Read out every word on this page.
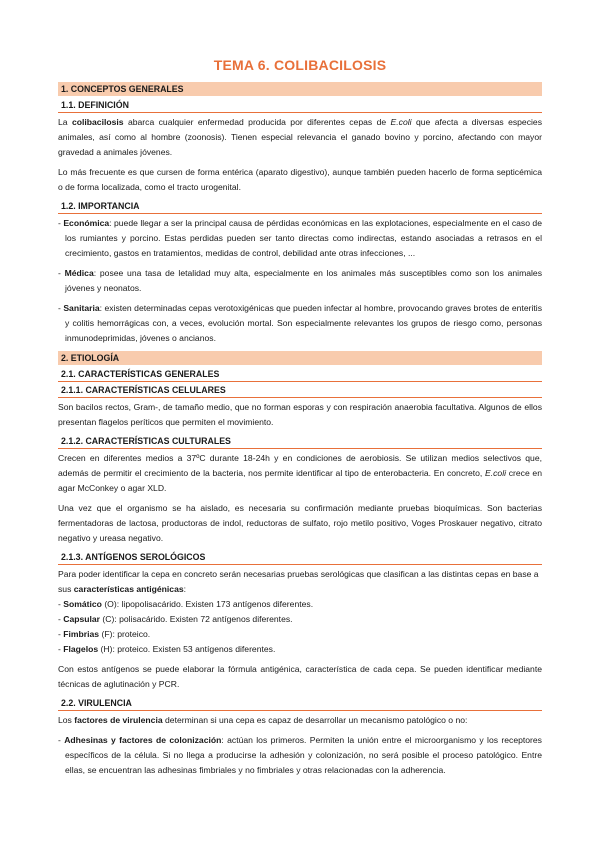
TEMA 6. COLIBACILOSIS
1. CONCEPTOS GENERALES
1.1. DEFINICIÓN

La colibacilosis abarca cualquier enfermedad producida por diferentes cepas de E.coli que afecta a diversas especies animales, así como al hombre (zoonosis). Tienen especial relevancia el ganado bovino y porcino, afectando con mayor gravedad a animales jóvenes.

Lo más frecuente es que cursen de forma entérica (aparato digestivo), aunque también pueden hacerlo de forma septicémica o de forma localizada, como el tracto urogenital.

1.2. IMPORTANCIA

- Económica: puede llegar a ser la principal causa de pérdidas económicas en las explotaciones, especialmente en el caso de los rumiantes y porcino. Estas perdidas pueden ser tanto directas como indirectas, estando asociadas a retrasos en el crecimiento, gastos en tratamientos, medidas de control, debilidad ante otras infecciones, ...

- Médica: posee una tasa de letalidad muy alta, especialmente en los animales más susceptibles como son los animales jóvenes y neonatos.

- Sanitaria: existen determinadas cepas verotoxigénicas que pueden infectar al hombre, provocando graves brotes de enteritis y colitis hemorrágicas con, a veces, evolución mortal. Son especialmente relevantes los grupos de riesgo como, personas inmunodeprimidas, jóvenes o ancianos.

2. ETIOLOGÍA
2.1. CARACTERÍSTICAS GENERALES
2.1.1. CARACTERÍSTICAS CELULARES

Son bacilos rectos, Gram-, de tamaño medio, que no forman esporas y con respiración anaerobia facultativa. Algunos de ellos presentan flagelos períticos que permiten el movimiento.

2.1.2. CARACTERÍSTICAS CULTURALES

Crecen en diferentes medios a 37ºC durante 18-24h y en condiciones de aerobiosis. Se utilizan medios selectivos que, además de permitir el crecimiento de la bacteria, nos permite identificar al tipo de enterobacteria. En concreto, E.coli crece en agar McConkey o agar XLD.

Una vez que el organismo se ha aislado, es necesaria su confirmación mediante pruebas bioquímicas. Son bacterias fermentadoras de lactosa, productoras de indol, reductoras de sulfato, rojo metilo positivo, Voges Proskauer negativo, citrato negativo y ureasa negativo.

2.1.3. ANTÍGENOS SEROLÓGICOS

Para poder identificar la cepa en concreto serán necesarias pruebas serológicas que clasifican a las distintas cepas en base a sus características antigénicas:

- Somático (O): lipopolisacárido. Existen 173 antígenos diferentes.

- Capsular (C): polisacárido. Existen 72 antígenos diferentes.

- Fimbrias (F): proteico.

- Flagelos (H): proteico. Existen 53 antígenos diferentes.

Con estos antígenos se puede elaborar la fórmula antigénica, característica de cada cepa. Se pueden identificar mediante técnicas de aglutinación y PCR.

2.2. VIRULENCIA

Los factores de virulencia determinan si una cepa es capaz de desarrollar un mecanismo patológico o no:

- Adhesinas y factores de colonización: actúan los primeros. Permiten la unión entre el microorganismo y los receptores específicos de la célula. Si no llega a producirse la adhesión y colonización, no será posible el proceso patológico. Entre ellas, se encuentran las adhesinas fimbriales y no fimbriales y otras relacionadas con la adherencia.
